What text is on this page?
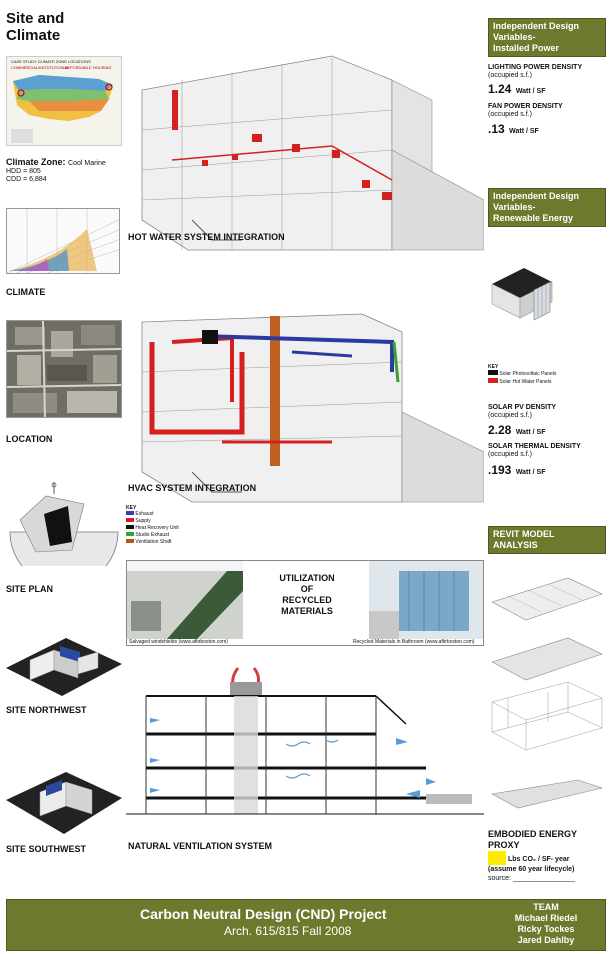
Site and
Climate
CASE STUDY CLIMATE ZONE LOCATIONS
COMMERCIAL/INSTITUTIONAL
AFFORDABLE HOUSING
Climate Zone: Cool Marine
HDD = 805
CDD = 6,884
CLIMATE
LOCATION
SITE PLAN
SITE NORTHWEST
SITE SOUTHWEST
HOT WATER SYSTEM INTEGRATION
HVAC SYSTEM INTEGRATION
KEY
Exhaust
Supply
Heat Recovery Unit
Studio Exhaust
Ventilation Shaft
UTILIZATION
OF
RECYCLED
MATERIALS
Salvaged windshields (www.aftirboston.com)	Recycled Materials in Bathroom (www.aftirboston.com)
NATURAL VENTILATION SYSTEM
Independent Design
Variables-
Installed Power
LIGHTING POWER DENSITY
(occupied s.f.)
1.24 Watt / SF
FAN POWER DENSITY
(occupied s.f.)
.13 Watt / SF
Independent Design
Variables-
Renewable Energy
KEY
Solar Photovoltaic Panels
Solar Hot Water Panels
SOLAR PV DENSITY
(occupied s.f.)
2.28 Watt / SF
SOLAR THERMAL DENSITY
(occupied s.f.)
.193 Watt / SF
REVIT MODEL
ANALYSIS
EMBODIED ENERGY
PROXY
Lbs CO₂ / SF- year
(assume 60 year lifecycle)
source: ________________
Carbon Neutral Design (CND) Project
Arch. 615/815 Fall 2008
TEAM
Michael Riedel
Ricky Tockes
Jared Dahlby
